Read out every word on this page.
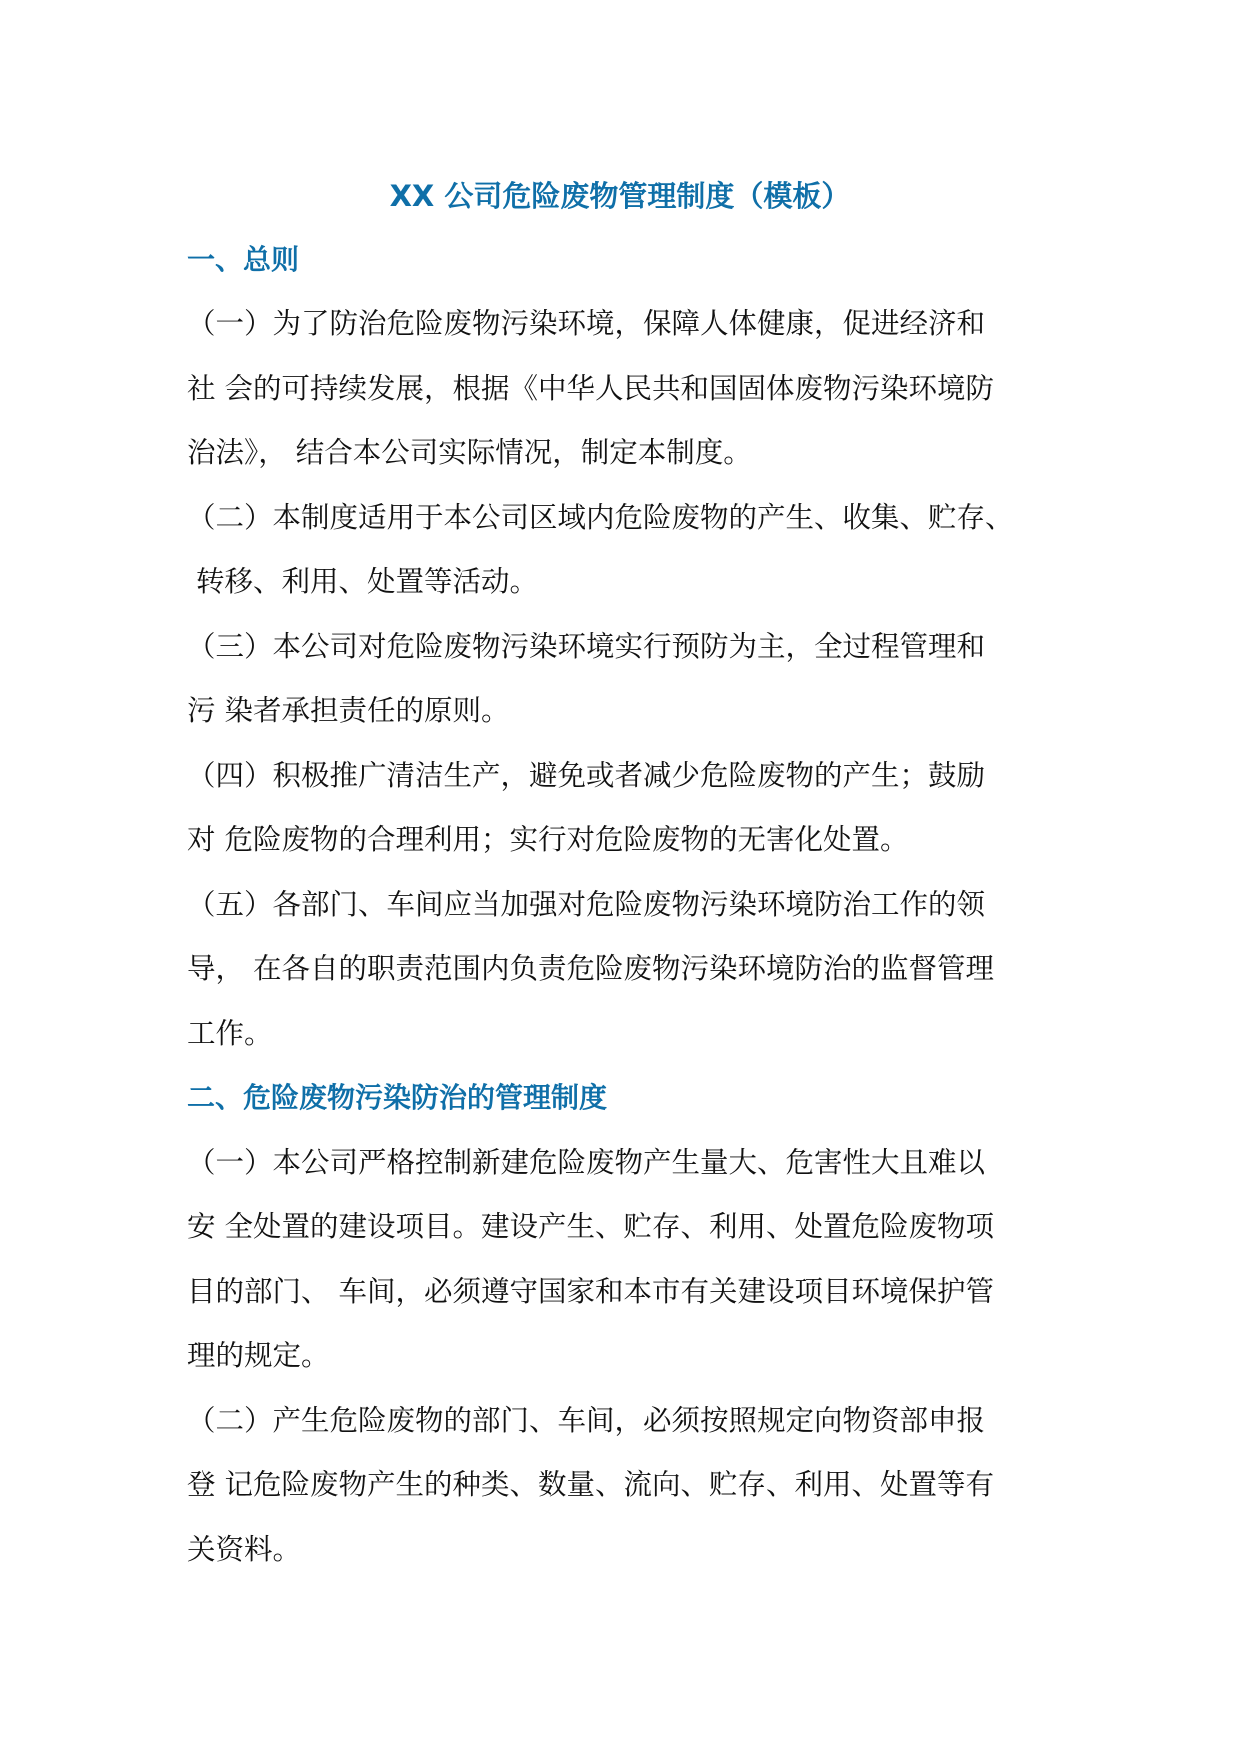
XX 公司危险废物管理制度（模板）
一、总则
（一）为了防治危险废物污染环境，保障人体健康，促进经济和
社 会的可持续发展，根据《中华人民共和国固体废物污染环境防
治法》， 结合本公司实际情况，制定本制度。
（二）本制度适用于本公司区域内危险废物的产生、收集、贮存、
转移、利用、处置等活动。
（三）本公司对危险废物污染环境实行预防为主，全过程管理和
污 染者承担责任的原则。
（四）积极推广清洁生产，避免或者减少危险废物的产生；鼓励
对 危险废物的合理利用；实行对危险废物的无害化处置。
（五）各部门、车间应当加强对危险废物污染环境防治工作的领
导， 在各自的职责范围内负责危险废物污染环境防治的监督管理
工作。
二、危险废物污染防治的管理制度
（一）本公司严格控制新建危险废物产生量大、危害性大且难以
安 全处置的建设项目。建设产生、贮存、利用、处置危险废物项
目的部门、 车间，必须遵守国家和本市有关建设项目环境保护管
理的规定。
（二）产生危险废物的部门、车间，必须按照规定向物资部申报
登 记危险废物产生的种类、数量、流向、贮存、利用、处置等有
关资料。
